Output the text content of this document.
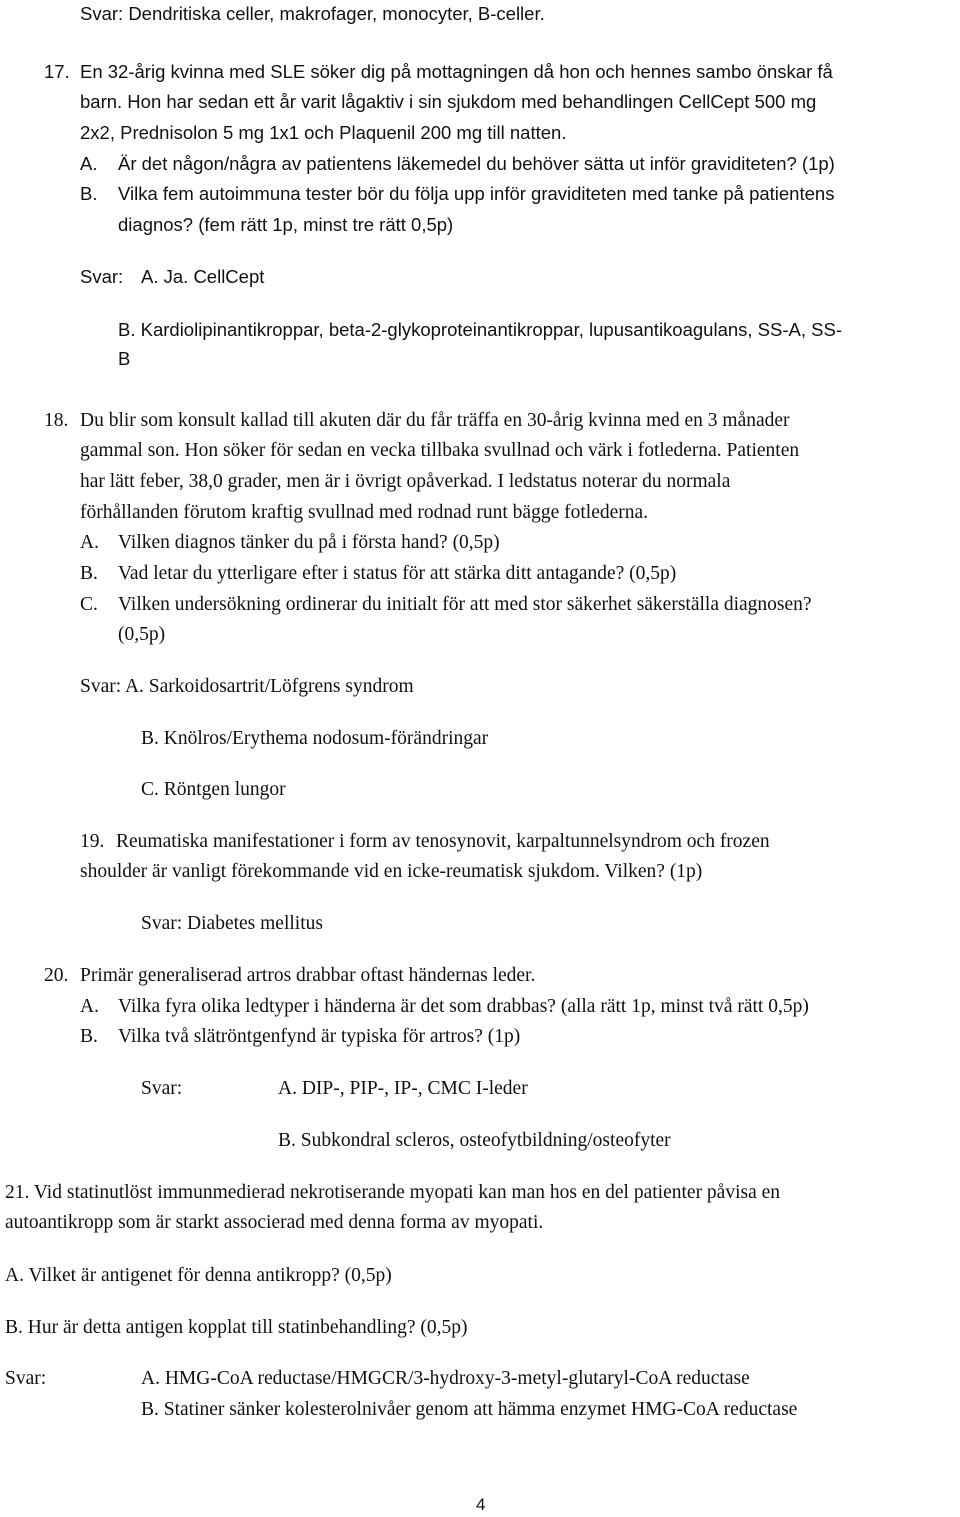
Svar: Dendritiska celler, makrofager, monocyter, B-celler.
17. En 32-årig kvinna med SLE söker dig på mottagningen då hon och hennes sambo önskar få
barn. Hon har sedan ett år varit lågaktiv i sin sjukdom med behandlingen CellCept 500 mg
2x2, Prednisolon 5 mg 1x1 och Plaquenil 200 mg till natten.
A. Är det någon/några av patientens läkemedel du behöver sätta ut inför graviditeten? (1p)
B. Vilka fem autoimmuna tester bör du följa upp inför graviditeten med tanke på patientens
diagnos? (fem rätt 1p, minst tre rätt 0,5p)
Svar: A. Ja. CellCept
B. Kardiolipinantikroppar, beta-2-glykoproteinantikroppar, lupusantikoagulans, SS-A, SS-
B
18. Du blir som konsult kallad till akuten där du får träffa en 30-årig kvinna med en 3 månader
gammal son. Hon söker för sedan en vecka tillbaka svullnad och värk i fotlederna. Patienten
har lätt feber, 38,0 grader, men är i övrigt opåverkad. I ledstatus noterar du normala
förhållanden förutom kraftig svullnad med rodnad runt bägge fotlederna.
A. Vilken diagnos tänker du på i första hand? (0,5p)
B. Vad letar du ytterligare efter i status för att stärka ditt antagande? (0,5p)
C. Vilken undersökning ordinerar du initialt för att med stor säkerhet säkerställa diagnosen?
(0,5p)
Svar: A. Sarkoidosartrit/Löfgrens syndrom
B. Knölros/Erythema nodosum-förändringar
C. Röntgen lungor
19. Reumatiska manifestationer i form av tenosynovit, karpaltunnelsyndrom och frozen
shoulder är vanligt förekommande vid en icke-reumatisk sjukdom. Vilken? (1p)
Svar: Diabetes mellitus
20. Primär generaliserad artros drabbar oftast händernas leder.
A. Vilka fyra olika ledtyper i händerna är det som drabbas? (alla rätt 1p, minst två rätt 0,5p)
B. Vilka två slätröntgenfynd är typiska för artros? (1p)
Svar:	A. DIP-, PIP-, IP-, CMC I-leder
B. Subkondral scleros, osteofytbildning/osteofyter
21. Vid statinutlöst immunmedierad nekrotiserande myopati kan man hos en del patienter påvisa en
autoantikropp som är starkt associerad med denna forma av myopati.
A. Vilket är antigenet för denna antikropp? (0,5p)
B. Hur är detta antigen kopplat till statinbehandling? (0,5p)
Svar:	A. HMG-CoA reductase/HMGCR/3-hydroxy-3-metyl-glutaryl-CoA reductase
B. Statiner sänker kolesterolnivåer genom att hämma enzymet HMG-CoA reductase
4
